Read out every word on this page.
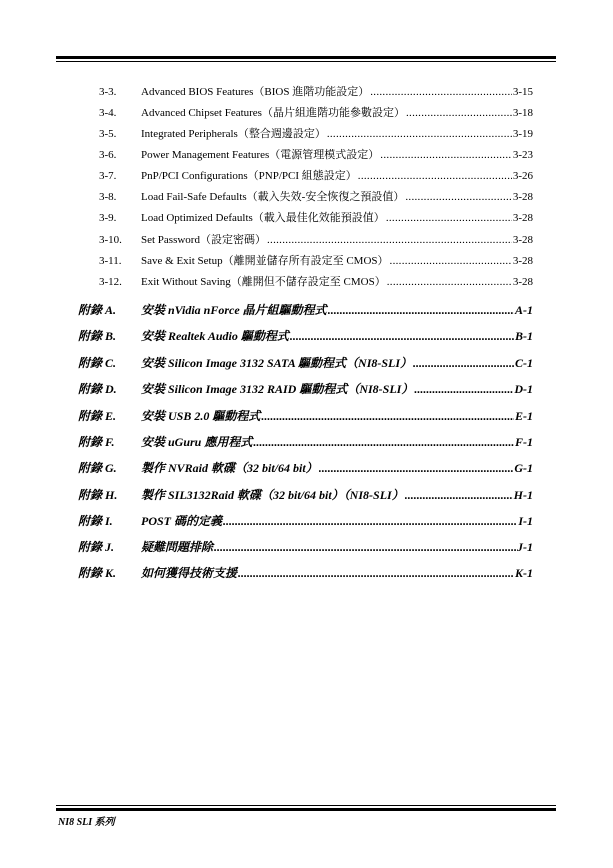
3-3.	Advanced BIOS Features（BIOS 進階功能設定） .....	3-15
3-4.	Advanced Chipset Features（晶片組進階功能參數設定） .....	3-18
3-5.	Integrated Peripherals（整合週邊設定） .....	3-19
3-6.	Power Management Features（電源管理模式設定） .....	3-23
3-7.	PnP/PCI Configurations（PNP/PCI 組態設定） .....	3-26
3-8.	Load Fail-Safe Defaults（載入失效-安全恢復之預設值） .....	3-28
3-9.	Load Optimized Defaults（載入最佳化效能預設值） .....	3-28
3-10.	Set Password（設定密碼） .....	3-28
3-11.	Save & Exit Setup（離開並儲存所有設定至 CMOS） .....	3-28
3-12.	Exit Without Saving（離開但不儲存設定至 CMOS） .....	3-28
附錄 A.	安裝 nVidia nForce 晶片組驅動程式 .....	A-1
附錄 B.	安裝 Realtek Audio 驅動程式 .....	B-1
附錄 C.	安裝 Silicon Image 3132 SATA 驅動程式（NI8-SLI） .....	C-1
附錄 D.	安裝 Silicon Image 3132 RAID 驅動程式（NI8-SLI） .....	D-1
附錄 E.	安裝 USB 2.0 驅動程式 .....	E-1
附錄 F.	安裝 uGuru 應用程式 .....	F-1
附錄 G.	製作 NVRaid 軟碟（32 bit/64 bit） .....	G-1
附錄 H.	製作 SIL3132Raid 軟碟（32 bit/64 bit）（NI8-SLI） .....	H-1
附錄 I.	POST 碼的定義 .....	I-1
附錄 J.	疑難問題排除 .....	J-1
附錄 K.	如何獲得技術支援 .....	K-1
NI8 SLI 系列
